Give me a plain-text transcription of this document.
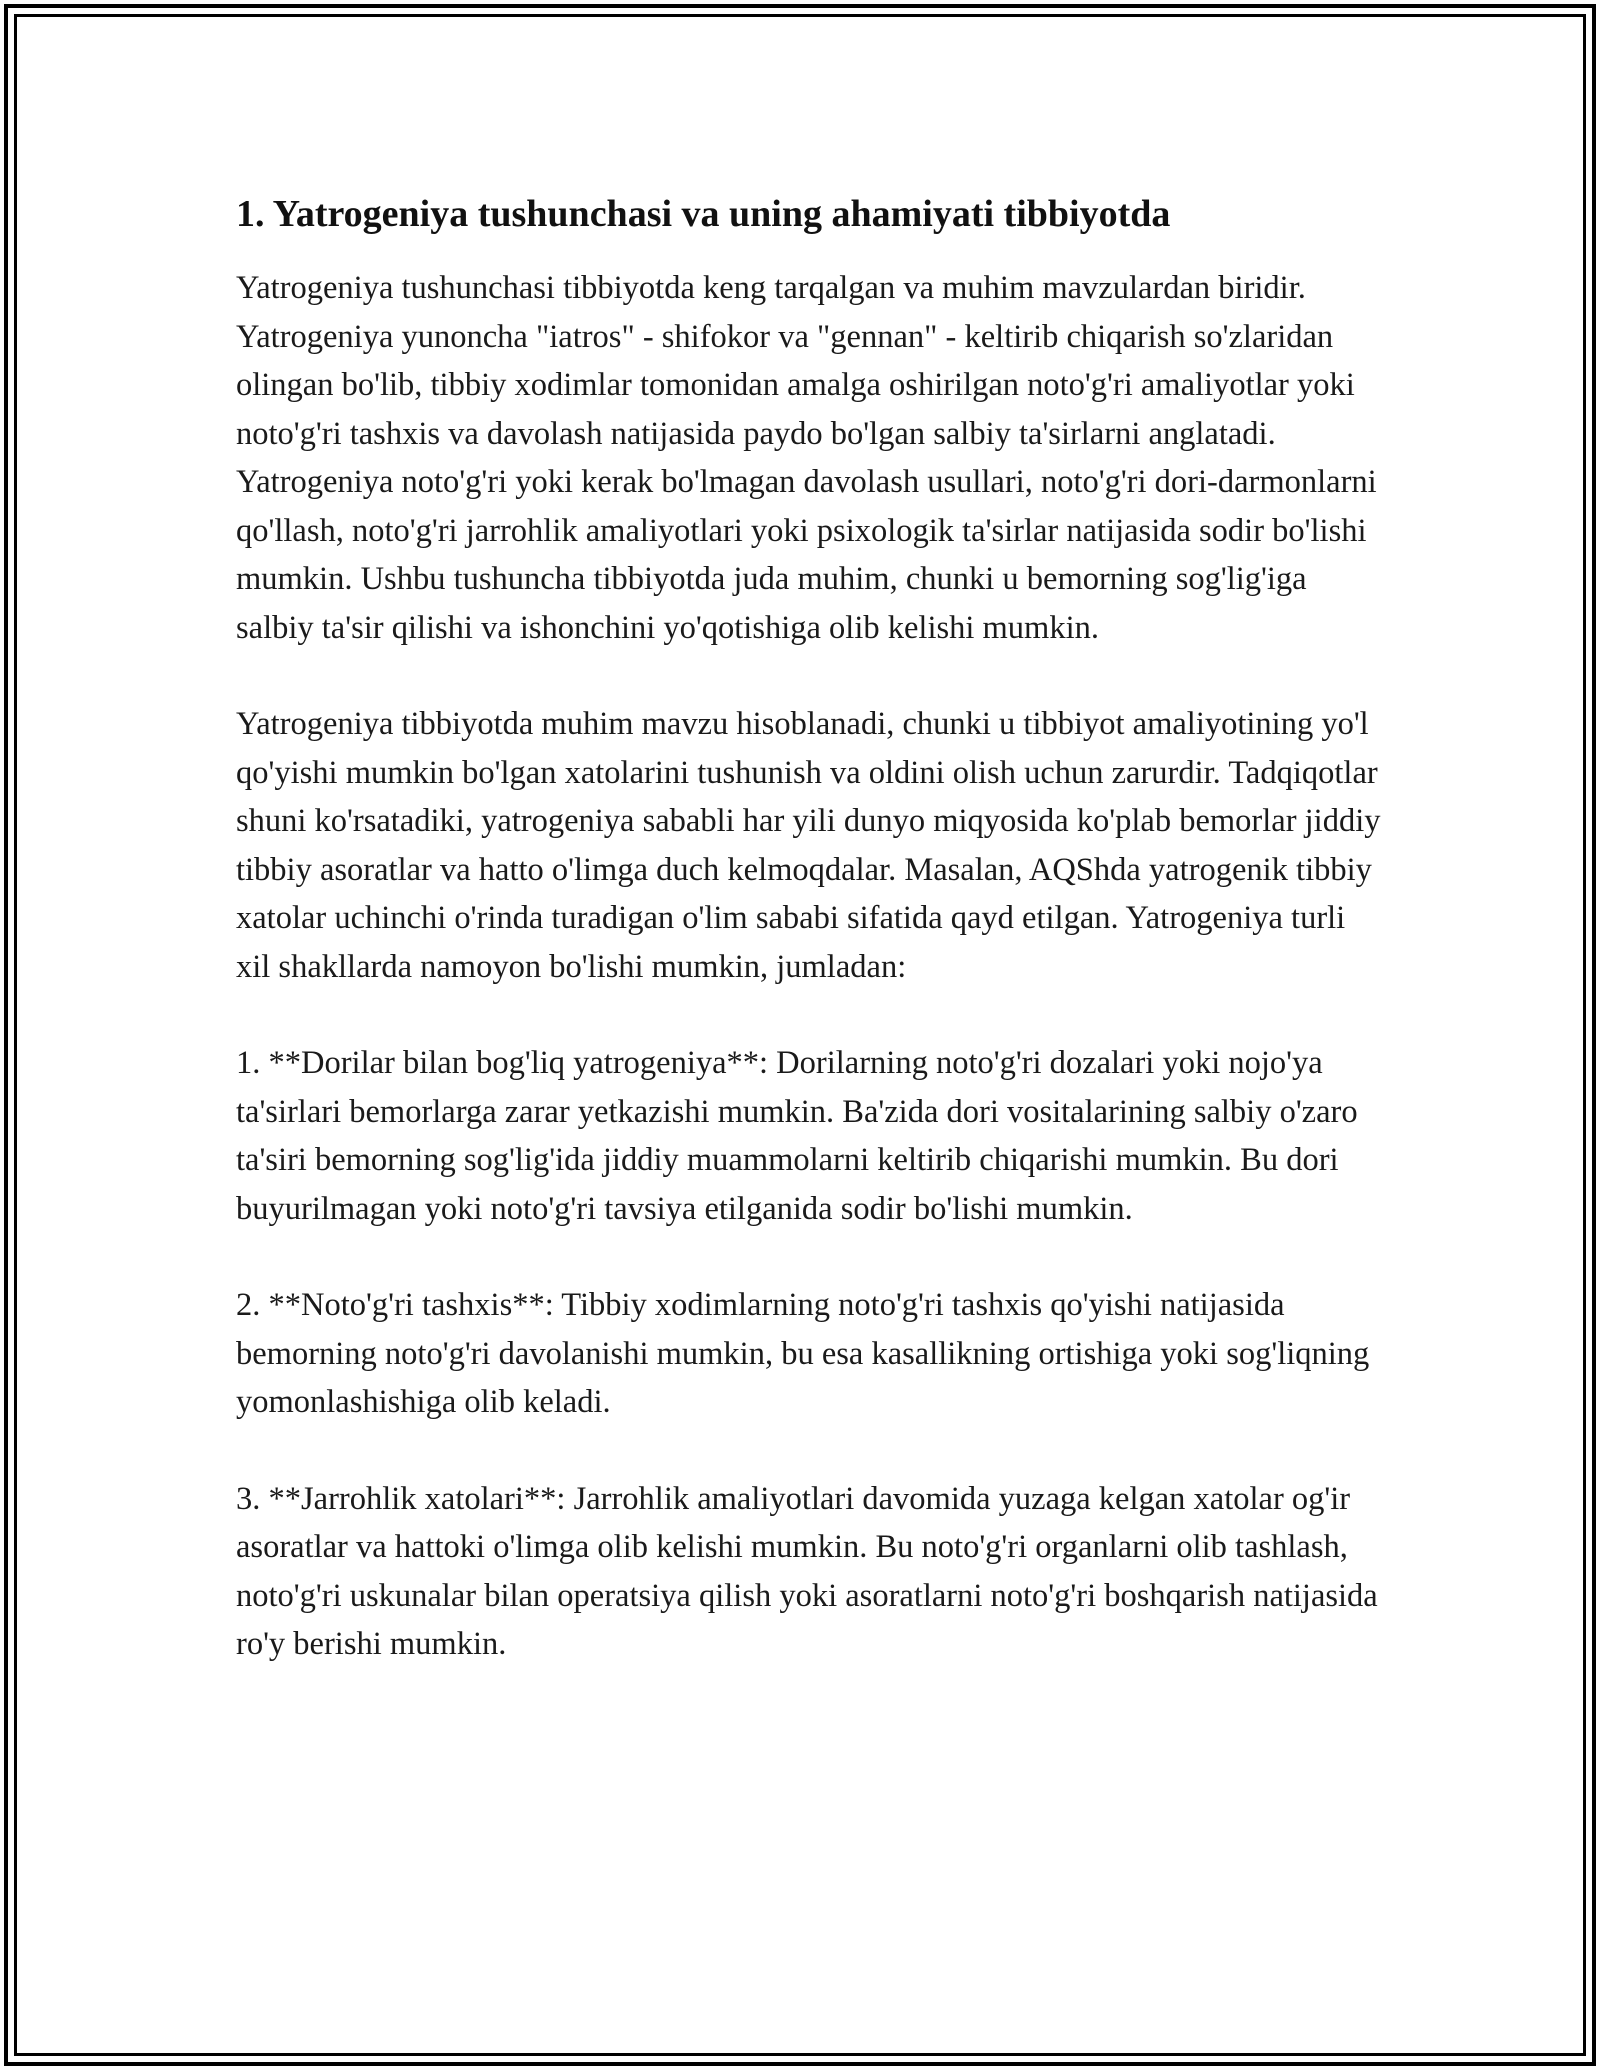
1. Yatrogeniya tushunchasi va uning ahamiyati tibbiyotda

Yatrogeniya tushunchasi tibbiyotda keng tarqalgan va muhim mavzulardan biridir. Yatrogeniya yunoncha "iatros" - shifokor va "gennan" - keltirib chiqarish so'zlaridan olingan bo'lib, tibbiy xodimlar tomonidan amalga oshirilgan noto'g'ri amaliyotlar yoki noto'g'ri tashxis va davolash natijasida paydo bo'lgan salbiy ta'sirlarni anglatadi. Yatrogeniya noto'g'ri yoki kerak bo'lmagan davolash usullari, noto'g'ri dori-darmonlarni qo'llash, noto'g'ri jarrohlik amaliyotlari yoki psixologik ta'sirlar natijasida sodir bo'lishi mumkin. Ushbu tushuncha tibbiyotda juda muhim, chunki u bemorning sog'lig'iga salbiy ta'sir qilishi va ishonchini yo'qotishiga olib kelishi mumkin.

Yatrogeniya tibbiyotda muhim mavzu hisoblanadi, chunki u tibbiyot amaliyotining yo'l qo'yishi mumkin bo'lgan xatolarini tushunish va oldini olish uchun zarurdir. Tadqiqotlar shuni ko'rsatadiki, yatrogeniya sababli har yili dunyo miqyosida ko'plab bemorlar jiddiy tibbiy asoratlar va hatto o'limga duch kelmoqdalar. Masalan, AQShda yatrogenik tibbiy xatolar uchinchi o'rinda turadigan o'lim sababi sifatida qayd etilgan. Yatrogeniya turli xil shakllarda namoyon bo'lishi mumkin, jumladan:

1. **Dorilar bilan bog'liq yatrogeniya**: Dorilarning noto'g'ri dozalari yoki nojo'ya ta'sirlari bemorlarga zarar yetkazishi mumkin. Ba'zida dori vositalarining salbiy o'zaro ta'siri bemorning sog'lig'ida jiddiy muammolarni keltirib chiqarishi mumkin. Bu dori buyurilmagan yoki noto'g'ri tavsiya etilganida sodir bo'lishi mumkin.

2. **Noto'g'ri tashxis**: Tibbiy xodimlarning noto'g'ri tashxis qo'yishi natijasida bemorning noto'g'ri davolanishi mumkin, bu esa kasallikning ortishiga yoki sog'liqning yomonlashishiga olib keladi.

3. **Jarrohlik xatolari**: Jarrohlik amaliyotlari davomida yuzaga kelgan xatolar og'ir asoratlar va hattoki o'limga olib kelishi mumkin. Bu noto'g'ri organlarni olib tashlash, noto'g'ri uskunalar bilan operatsiya qilish yoki asoratlarni noto'g'ri boshqarish natijasida ro'y berishi mumkin.
